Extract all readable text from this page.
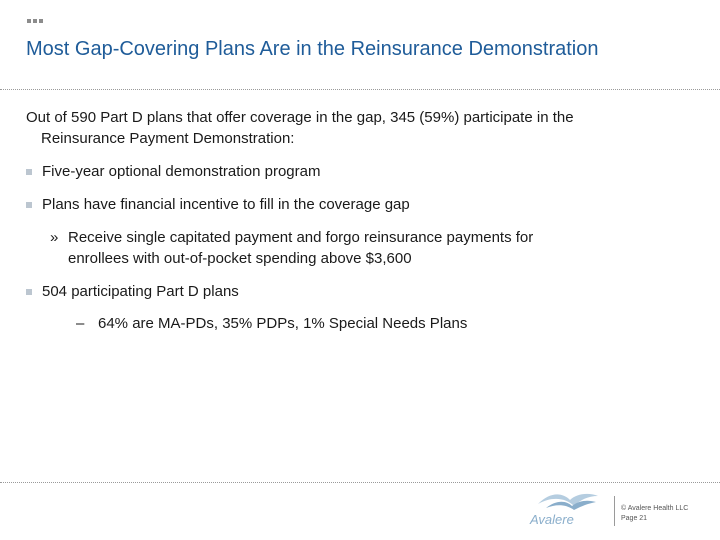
Most Gap-Covering Plans Are in the Reinsurance Demonstration
Out of 590 Part D plans that offer coverage in the gap, 345 (59%) participate in the
Reinsurance Payment Demonstration:
Five-year optional demonstration program
Plans have financial incentive to fill in the coverage gap
» Receive single capitated payment and forgo reinsurance payments for
enrollees with out-of-pocket spending above $3,600
504 participating Part D plans
– 64% are MA-PDs, 35% PDPs, 1% Special Needs Plans
Avalere
© Avalere Health LLC
Page 21
